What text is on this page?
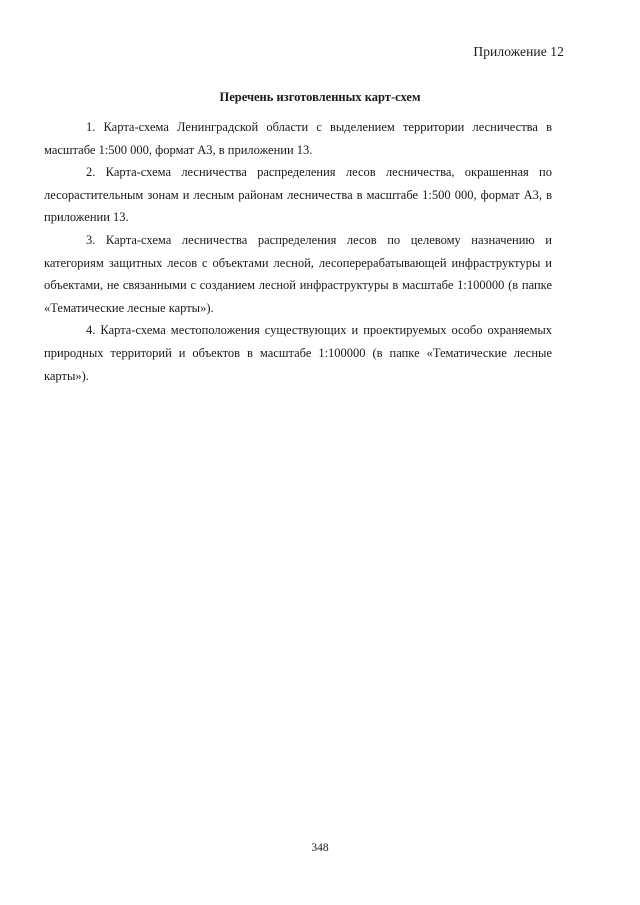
Приложение 12
Перечень изготовленных карт-схем

1. Карта-схема Ленинградской области с выделением территории лесничества в масштабе 1:500 000, формат А3, в приложении 13.

2. Карта-схема лесничества распределения лесов лесничества, окрашенная по лесорастительным зонам и лесным районам лесничества в масштабе 1:500 000, формат А3, в приложении 13.

3. Карта-схема лесничества распределения лесов по целевому назначению и категориям защитных лесов с объектами лесной, лесоперерабатывающей инфраструктуры и объектами, не связанными с созданием лесной инфраструктуры в масштабе 1:100000 (в папке «Тематические лесные карты»).

4. Карта-схема местоположения существующих и проектируемых особо охраняемых природных территорий и объектов в масштабе 1:100000 (в папке «Тематические лесные карты»).

348
